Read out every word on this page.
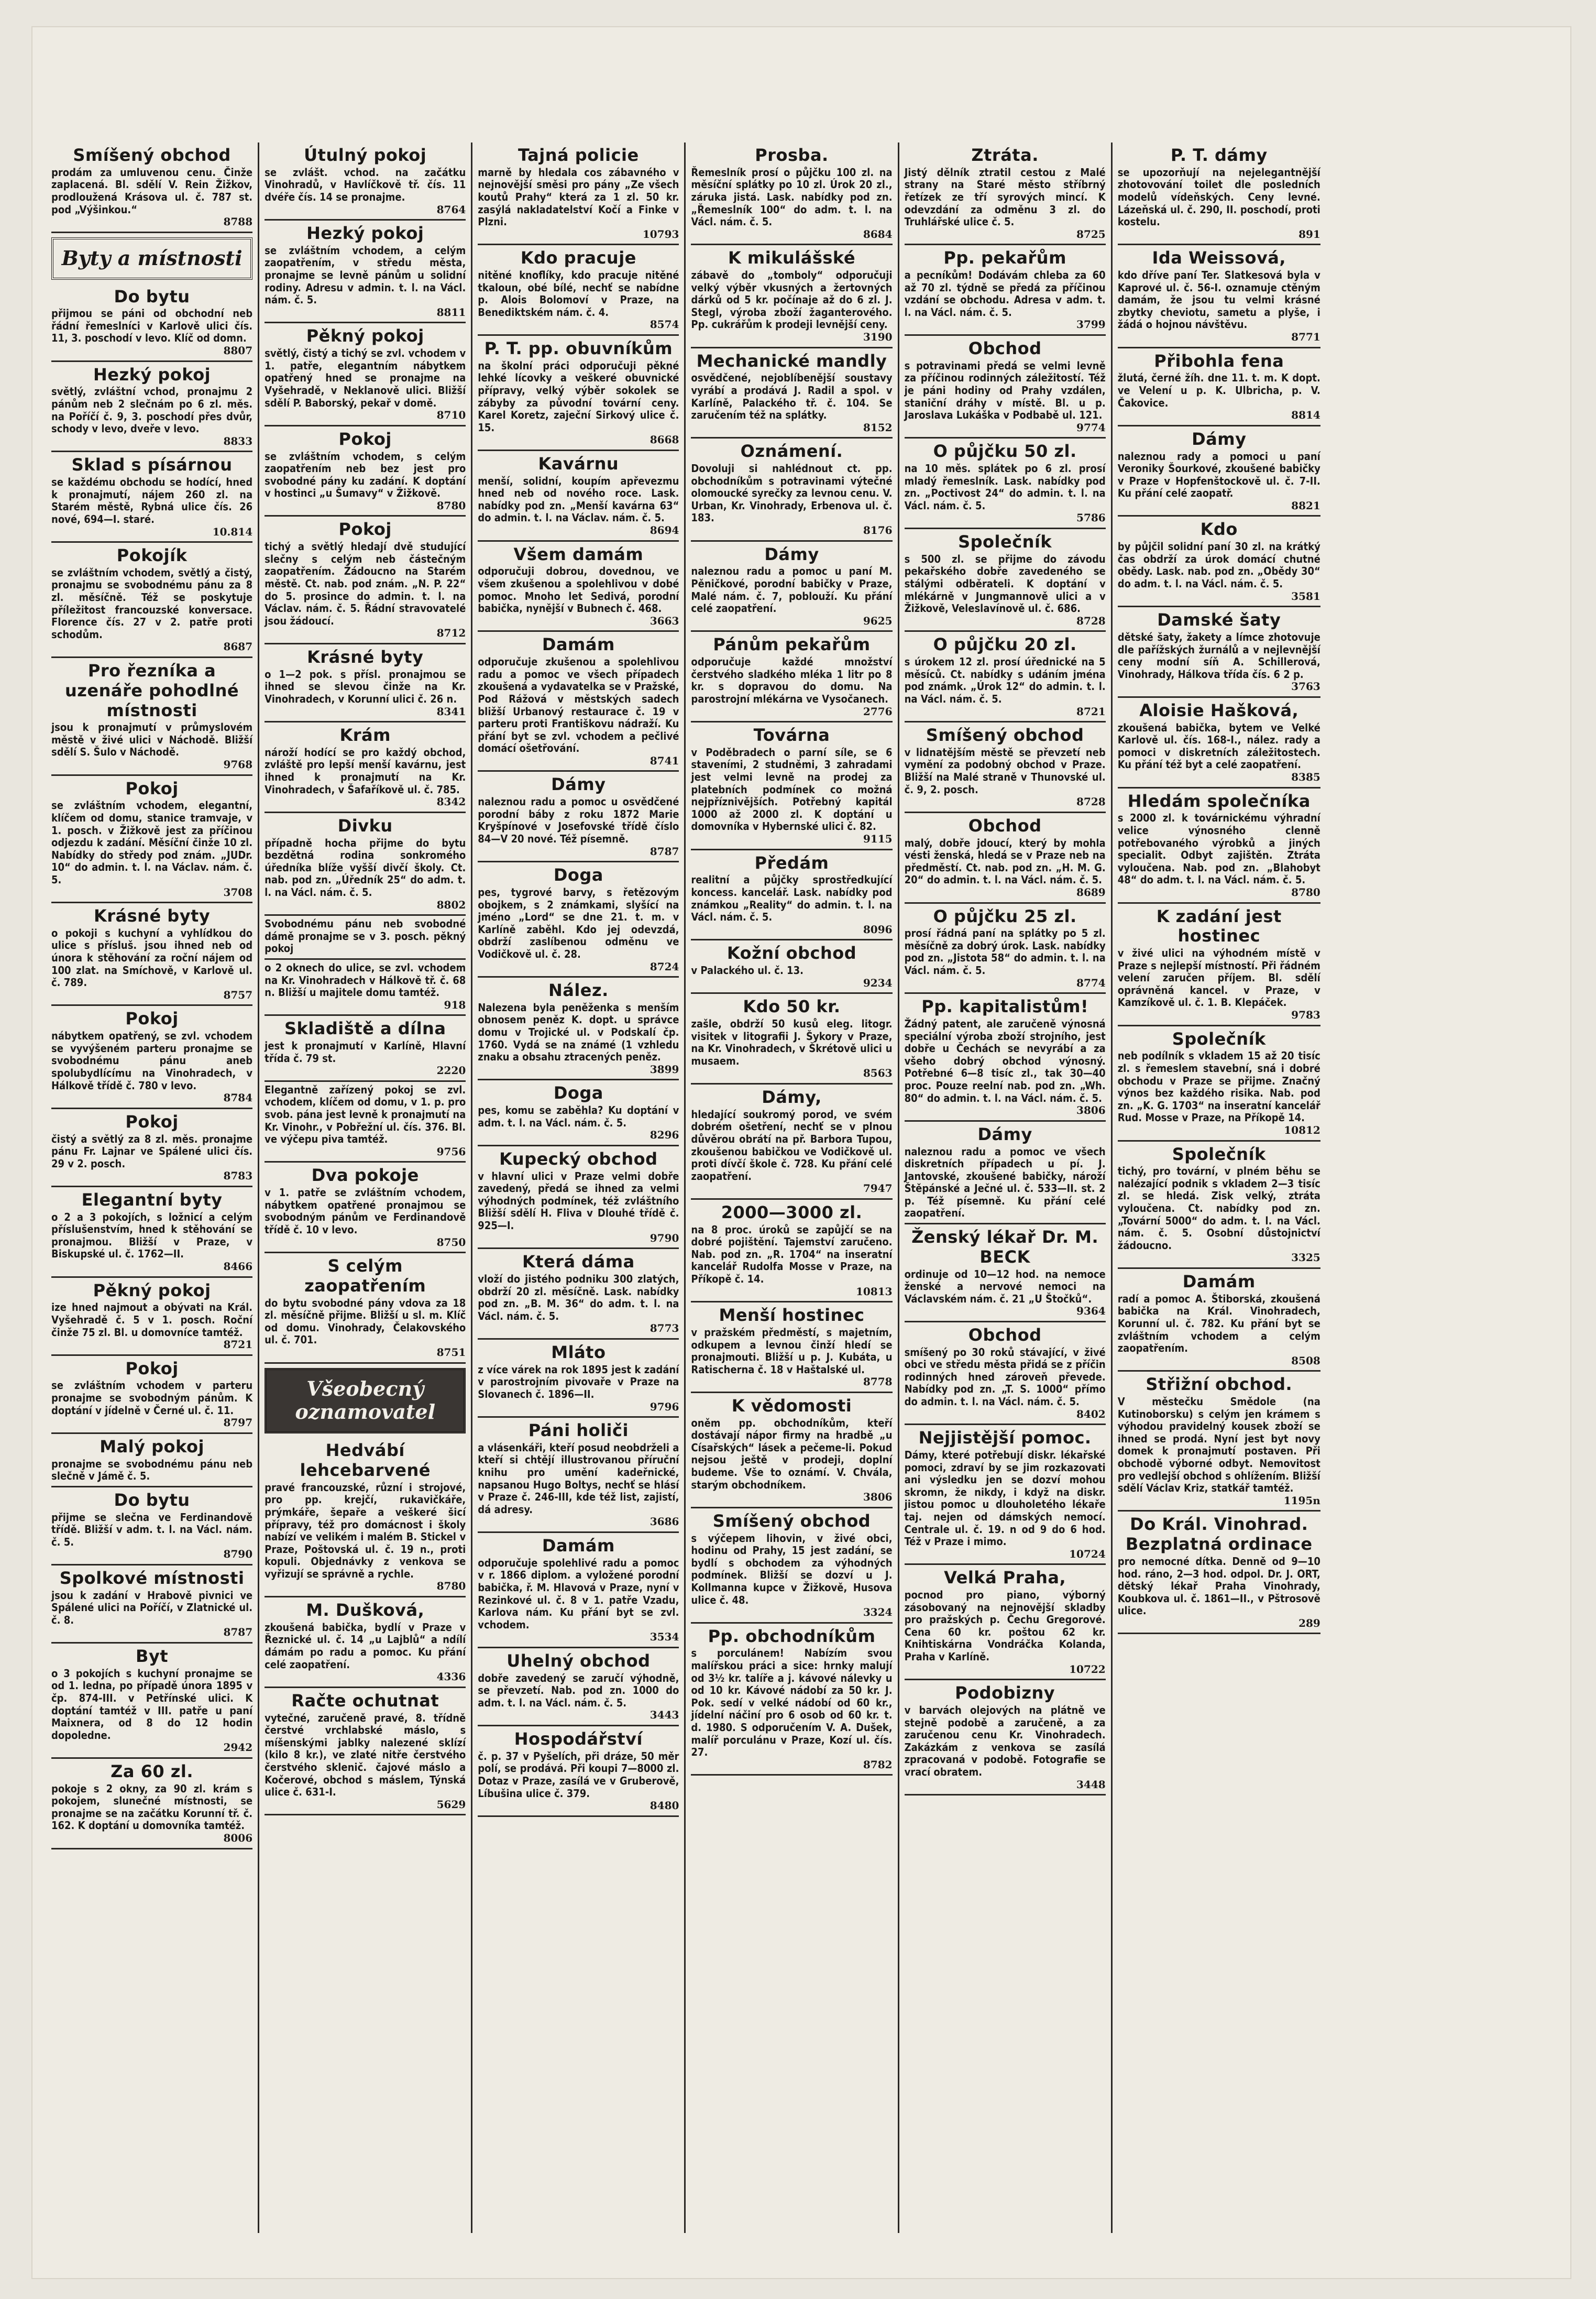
Smíšený obchod

prodám za umluvenou cenu. Činže zaplacená. Bl. sdělí V. Rein Žižkov, prodloužená Krásova ul. č. 787 st. pod „Výšinkou.“

8788
Byty a místnosti
Do bytu

přijmou se páni od obchodní neb řádní řemeslníci v Karlově ulici čís. 11, 3. poschodí v levo. Klíč od domn.

8807
Hezký pokoj

světlý, zvláštní vchod, pronajmu 2 pánům neb 2 slečnám po 6 zl. měs. na Poříčí č. 9, 3. poschodí přes dvůr, schody v levo, dveře v levo.

8833
Sklad s písárnou

se každému obchodu se hodící, hned k pronajmutí, nájem 260 zl. na Starém městě, Rybná ulice čís. 26 nové, 694—I. staré.

10.814
Pokojík

se zvláštním vchodem, světlý a čistý, pronajmu se svobodnému pánu za 8 zl. měsíčně. Též se poskytuje příležitost francouzské konversace. Florence čís. 27 v 2. patře proti schodům.

8687
Pro řezníka a uzenáře pohodlné místnosti

jsou k pronajmutí v průmyslovém městě v živé ulici v Náchodě. Bližší sdělí S. Šulo v Náchodě.

9768
Pokoj

se zvláštním vchodem, elegantní, klíčem od domu, stanice tramvaje, v 1. posch. v Žižkově jest za příčinou odjezdu k zadání. Měsíční činže 10 zl. Nabídky do středy pod znám. „JUDr. 10“ do admin. t. l. na Václav. nám. č. 5.

3708
Krásné byty

o pokoji s kuchyní a vyhlídkou do ulice s přísluš. jsou ihned neb od února k stěhování za roční nájem od 100 zlat. na Smíchově, v Karlově ul. č. 789.

8757
Pokoj

nábytkem opatřený, se zvl. vchodem se vyvýšeném parteru pronajme se svobodnému pánu aneb spolubydlícímu na Vinohradech, v Hálkově třídě č. 780 v levo.

8784
Pokoj

čistý a světlý za 8 zl. měs. pronajme pánu Fr. Lajnar ve Spálené ulici čís. 29 v 2. posch.

8783
Elegantní byty

o 2 a 3 pokojích, s ložnicí a celým příslušenstvím, hned k stěhování se pronajmou. Bližší v Praze, v Biskupské ul. č. 1762—II.

8466
Pěkný pokoj

ize hned najmout a obývati na Král. Vyšehradě č. 5 v 1. posch. Roční činže 75 zl. Bl. u domovníce tamtéž.

8721
Pokoj

se zvláštním vchodem v parteru pronajme se svobodným pánům. K doptání v jídelně v Černé ul. č. 11.

8797
Malý pokoj

pronajme se svobodnému pánu neb slečně v Jámě č. 5.

Do bytu

přijme se slečna ve Ferdinandově třídě. Bližší v adm. t. l. na Václ. nám. č. 5.

8790
Spolkové místnosti

jsou k zadání v Hrabově pivnici ve Spálené ulici na Poříčí, v Zlatnické ul. č. 8.

8787
Byt

o 3 pokojích s kuchyní pronajme se od 1. ledna, po případě února 1895 v čp. 874-III. v Petřínské ulici. K doptání tamtéž v III. patře u paní Maixnera, od 8 do 12 hodin dopoledne.

2942
Za 60 zl.

pokoje s 2 okny, za 90 zl. krám s pokojem, slunečné místnosti, se pronajme se na začátku Korunní tř. č. 162. K doptání u domovníka tamtéž.

8006
Útulný pokoj

se zvlášt. vchod. na začátku Vinohradů, v Havlíčkově tř. čís. 11 dvéře čís. 14 se pronajme.

8764
Hezký pokoj

se zvláštním vchodem, a celým zaopatřením, v středu města, pronajme se levně pánům u solidní rodiny. Adresu v admin. t. l. na Václ. nám. č. 5.

8811
Pěkný pokoj

světlý, čistý a tichý se zvl. vchodem v 1. patře, elegantním nábytkem opatřený hned se pronajme na Vyšehradě, v Neklanově ulici. Bližší sdělí P. Baborský, pekař v domě.

8710
Pokoj

se zvláštním vchodem, s celým zaopatřením neb bez jest pro svobodné pány ku zadání. K doptání v hostinci „u Šumavy“ v Žižkově.

8780
Pokoj

tichý a světlý hledají dvě studující slečny s celým neb částečným zaopatřením. Žádoucno na Starém městě. Ct. nab. pod znám. „N. P. 22“ do 5. prosince do admin. t. l. na Václav. nám. č. 5. Řádní stravovatelé jsou žádoucí.

8712
Krásné byty

o 1—2 pok. s přísl. pronajmou se ihned se slevou činže na Kr. Vinohradech, v Korunní ulici č. 26 n.

8341
Krám

nároží hodící se pro každý obchod, zvláště pro lepší menší kavárnu, jest ihned k pronajmutí na Kr. Vinohradech, v Šafaříkově ul. č. 785.

8342
Divku

případně hocha přijme do bytu bezdětná rodina sonkromého úředníka blíže vyšší divčí školy. Ct. nab. pod zn. „Úředník 25“ do adm. t. l. na Václ. nám. č. 5.

8802

Svobodnému pánu neb svobodné dámě pronajme se v 3. posch. pěkný pokoj

o 2 oknech do ulice, se zvl. vchodem na Kr. Vinohradech v Hálkově tř. č. 68 n. Bližší u majitele domu tamtéž.

918
Skladiště a dílna

jest k pronajmutí v Karlíně, Hlavní třída č. 79 st.

2220

Elegantně zařízený pokoj se zvl. vchodem, klíčem od domu, v 1. p. pro svob. pána jest levně k pronajmutí na Kr. Vinohr., v Pobřežní ul. čís. 376. Bl. ve výčepu piva tamtéž.

9756
Dva pokoje

v 1. patře se zvláštním vchodem, nábytkem opatřené pronajmou se svobodným pánům ve Ferdinandově třídě č. 10 v levo.

8750
S celým zaopatřením

do bytu svobodné pány vdova za 18 zl. měsíčně přijme. Bližší u sl. m. Klíč od domu. Vinohrady, Čelakovského ul. č. 701.

8751
Všeobecný oznamovatel
Hedvábí lehcebarvené

pravé francouzské, různí i strojové, pro pp. krejčí, rukavičkáře, prýmkáře, šepaře a veškeré šicí přípravy, též pro domácnost i školy nabízí ve velikém i malém B. Stickel v Praze, Poštovská ul. č. 19 n., proti kopuli. Objednávky z venkova se vyřizují se správně a rychle.

8780
M. Dušková,

zkoušená babička, bydlí v Praze v Řeznické ul. č. 14 „u Lajblů“ a ndílí dámám po radu a pomoc. Ku přání celé zaopatření.

4336
Račte ochutnat

vytečné, zaručeně pravé, 8. třídně čerstvé vrchlabské máslo, s míšenskými jablky nalezené sklízí (kilo 8 kr.), ve zlaté nitře čerstvého čerstvého sklenič. čajové máslo a Kočerové, obchod s máslem, Týnská ulice č. 631-I.

5629
Tajná policie

marně by hledala cos zábavného v nejnovější směsi pro pány „Ze všech koutů Prahy“ která za 1 zl. 50 kr. zasýlá nakladatelství Kočí a Finke v Plzni.

10793
Kdo pracuje

nitěné knoflíky, kdo pracuje nitěné tkaloun, obé bílé, nechť se nabídne p. Alois Bolomoví v Praze, na Benediktském nám. č. 4.

8574
P. T. pp. obuvníkům

na školní práci odporučuji pěkné lehké lícovky a veškeré obuvnické přípravy, velký výběr sokolek se zábyby za původní tovární ceny. Karel Koretz, zaječní Sirkový ulice č. 15.

8668
Kavárnu

menší, solidní, koupím apřevezmu hned neb od nového roce. Lask. nabídky pod zn. „Menší kavárna 63“ do admin. t. l. na Václav. nám. č. 5.

8694
Všem damám

odporučuji dobrou, dovednou, ve všem zkušenou a spolehlivou v dobé pomoc. Mnoho let Sedivá, porodní babička, nynější v Bubnech č. 468.

3663
Damám

odporučuje zkušenou a spolehlivou radu a pomoc ve všech případech zkoušená a vydavatelka se v Pražské, Pod Rážová v městských sadech bližší Urbanový restaurace č. 19 v parteru proti Františkovu nádraží. Ku přání byt se zvl. vchodem a pečlivé domácí ošetřování.

8741
Dámy

naleznou radu a pomoc u osvědčené porodní báby z roku 1872 Marie Kryšpínové v Josefovské třídě číslo 84—V 20 nové. Též písemně.

8787
Doga

pes, tygrové barvy, s řetězovým obojkem, s 2 známkami, slyšící na jméno „Lord“ se dne 21. t. m. v Karlíně zaběhl. Kdo jej odevzdá, obdrží zaslíbenou odměnu ve Vodičkově ul. č. 28.

8724
Nález.

Nalezena byla peněženka s menším obnosem peněz K. dopt. u správce domu v Trojické ul. v Podskalí čp. 1760. Vydá se na známé (1 vzhledu znaku a obsahu ztracených peněz.

3899
Doga

pes, komu se zaběhla? Ku doptání v adm. t. l. na Václ. nám. č. 5.

8296
Kupecký obchod

v hlavní ulici v Praze velmi dobře zavedený, předá se ihned za velmi výhodných podmínek, též zvláštního Bližší sdělí H. Fliva v Dlouhé třídě č. 925—I.

9790
Která dáma

vloží do jistého podniku 300 zlatých, obdrží 20 zl. měsíčně. Lask. nabídky pod zn. „B. M. 36“ do adm. t. l. na Václ. nám. č. 5.

8773
Mláto

z více várek na rok 1895 jest k zadání v parostrojním pivovaře v Praze na Slovanech č. 1896—II.

9796
Páni holiči

a vlásenkáři, kteří posud neobdrželi a kteří si chtějí illustrovanou příruční knihu pro umění kadeřnické, napsanou Hugo Boltys, nechť se hlásí v Praze č. 246-III, kde též list, zajistí, dá adresy.

3686
Damám

odporučuje spolehlivé radu a pomoc v r. 1866 diplom. a vyložené porodní babička, ř. M. Hlavová v Praze, nyní v Rezinkové ul. č. 8 v 1. patře Vzadu, Karlova nám. Ku přání byt se zvl. vchodem.

3534
Uhelný obchod

dobře zavedený se zaručí výhodně, se převzetí. Nab. pod zn. 1000 do adm. t. l. na Václ. nám. č. 5.

3443
Hospodářství

č. p. 37 v Pyšelích, při dráze, 50 měr polí, se prodává. Při koupi 7—8000 zl. Dotaz v Praze, zasílá ve v Gruberově, Líbušina ulice č. 379.

8480
Prosba.

Řemeslník prosí o půjčku 100 zl. na měsíční splátky po 10 zl. Úrok 20 zl., záruka jistá. Lask. nabídky pod zn. „Řemeslník 100“ do adm. t. l. na Václ. nám. č. 5.

8684
K mikulášské

zábavě do „tomboly“ odporučuji velký výběr vkusných a žertovných dárků od 5 kr. počínaje až do 6 zl. J. Stegl, výroba zboží žaganterového. Pp. cukrářům k prodeji levnější ceny.

3190
Mechanické mandly

osvědčené, nejoblíbenější soustavy vyrábí a prodává J. Radil a spol. v Karlíně, Palackého tř. č. 104. Se zaručením též na splátky.

8152
Oznámení.

Dovoluji si nahlédnout ct. pp. obchodníkům s potravinami výtečné olomoucké syrečky za levnou cenu. V. Urban, Kr. Vinohrady, Erbenova ul. č. 183.

8176
Dámy

naleznou radu a pomoc u paní M. Pěničkové, porodní babičky v Praze, Malé nám. č. 7, poblouží. Ku přání celé zaopatření.

9625
Pánům pekařům

odporučuje každé množství čerstvého sladkého mléka 1 litr po 8 kr. s dopravou do domu. Na parostrojní mlékárna ve Vysočanech.

2776
Továrna

v Poděbradech o parní síle, se 6 staveními, 2 studněmi, 3 zahradami jest velmi levně na prodej za platebních podmínek co možná nejpříznivějších. Potřebný kapitál 1000 až 2000 zl. K doptání u domovníka v Hybernské ulici č. 82.

9115
Předám

realitní a půjčky sprostředkující koncess. kancelář. Lask. nabídky pod známkou „Reality“ do admin. t. l. na Václ. nám. č. 5.

8096
Kožní obchod

v Palackého ul. č. 13.

9234
Kdo 50 kr.

zašle, obdrží 50 kusů eleg. litogr. visitek v litografii J. Šykory v Praze, na Kr. Vinohradech, v Škrétově ulici u musaem.

8563
Dámy,

hledající soukromý porod, ve svém dobrém ošetření, nechť se v plnou důvěrou obrátí na př. Barbora Tupou, zkoušenou babičkou ve Vodičkově ul. proti dívčí škole č. 728. Ku přání celé zaopatření.

7947
2000—3000 zl.

na 8 proc. úroků se zapůjčí se na dobré pojištění. Tajemství zaručeno. Nab. pod zn. „R. 1704“ na inseratní kancelář Rudolfa Mosse v Praze, na Příkopě č. 14.

10813
Menší hostinec

v pražském předměstí, s majetním, odkupem a levnou činží hledí se pronajmouti. Bližší u p. J. Kubáta, u Ratischerna č. 18 v Haštalské ul.

8778
K vědomosti

oněm pp. obchodníkům, kteří dostávají nápor firmy na hradbě „u Císařských“ lásek a pečeme-li. Pokud nejsou ještě v prodeji, doplní budeme. Vše to oznámí. V. Chvála, starým obchodníkem.

3806
Smíšený obchod

s výčepem lihovin, v živé obci, hodinu od Prahy, 15 jest zadání, se bydlí s obchodem za výhodných podmínek. Bližší se dozví u J. Kollmanna kupce v Žižkově, Husova ulice č. 48.

3324
Pp. obchodníkům

s porculánem! Nabízím svou malířskou práci a sice: hrnky malují od 3½ kr. talíře a j. kávové nálevky u od 10 kr. Kávové nádobí za 50 kr. J. Pok. sedí v velké nádobí od 60 kr., jídelní náčiní pro 6 osob od 60 kr. t. d. 1980. S odporučením V. A. Dušek, malíř porculánu v Praze, Kozí ul. čís. 27.

8782
Ztráta.

Jistý dělník ztratil cestou z Malé strany na Staré město stříbrný řetízek ze tří syrových mincí. K odevzdání za odměnu 3 zl. do Truhlářské ulice č. 5.

8725
Pp. pekařům

a pecníkům! Dodávám chleba za 60 až 70 zl. týdně se předá za příčinou vzdání se obchodu. Adresa v adm. t. l. na Václ. nám. č. 5.

3799
Obchod

s potravinami předá se velmi levně za příčinou rodinných záležitostí. Též je páni hodiny od Prahy vzdálen, staniční dráhy v místě. Bl. u p. Jaroslava Lukáška v Podbabě ul. 121.

9774
O půjčku 50 zl.

na 10 měs. splátek po 6 zl. prosí mladý řemeslník. Lask. nabídky pod zn. „Poctivost 24“ do admin. t. l. na Václ. nám. č. 5.

5786
Společník

s 500 zl. se přijme do závodu pekařského dobře zavedeného se stálými odběrateli. K doptání v mlékárně v Jungmannově ulici a v Žižkově, Veleslavínově ul. č. 686.

8728
O půjčku 20 zl.

s úrokem 12 zl. prosí úřednické na 5 měsíců. Ct. nabídky s udáním jména pod známk. „Úrok 12“ do admin. t. l. na Václ. nám. č. 5.

8721
Smíšený obchod

v lidnatějším městě se převzetí neb vymění za podobný obchod v Praze. Bližší na Malé straně v Thunovské ul. č. 9, 2. posch.

8728
Obchod

malý, dobře jdoucí, který by mohla vésti ženská, hledá se v Praze neb na předměstí. Ct. nab. pod zn. „H. M. G. 20“ do admin. t. l. na Václ. nám. č. 5.

8689
O půjčku 25 zl.

prosí řádná paní na splátky po 5 zl. měsíčně za dobrý úrok. Lask. nabídky pod zn. „Jistota 58“ do admin. t. l. na Václ. nám. č. 5.

8774
Pp. kapitalistům!

Žádný patent, ale zaručeně výnosná speciální výroba zboží strojního, jest dobře u Čechách se nevyrábí a za všeho dobrý obchod výnosný. Potřebné 6—8 tisíc zl., tak 30—40 proc. Pouze reelní nab. pod zn. „Wh. 80“ do admin. t. l. na Václ. nám. č. 5.

3806
Dámy

naleznou radu a pomoc ve všech diskretních případech u pí. J. Jantovské, zkoušené babičky, nároží Štěpánské a Ječné ul. č. 533—II. st. 2 p. Též písemně. Ku přání celé zaopatření.

Ženský lékař Dr. M. BECK

ordinuje od 10—12 hod. na nemoce ženské a nervové nemoci na Václavském nám. č. 21 „U Štočků“.

9364
Obchod

smíšený po 30 roků stávající, v živé obci ve středu města přidá se z příčin rodinných hned zároveň převede. Nabídky pod zn. „T. S. 1000“ přímo do admin. t. l. na Václ. nám. č. 5.

8402
Nejjistější pomoc.

Dámy, které potřebují diskr. lékařské pomoci, zdraví by se jim rozkazovati ani výsledku jen se dozví mohou skromn, že nikdy, i když na diskr. jistou pomoc u dlouholetého lékaře taj. nejen od dámských nemocí. Centrale ul. č. 19. n od 9 do 6 hod. Též v Praze i mimo.

10724
Velká Praha,

pocnod pro piano, výborný zásobovaný na nejnovější skladby pro pražských p. Čechu Gregorové. Cena 60 kr. poštou 62 kr. Knihtiskárna Vondráčka Kolanda, Praha v Karlíně.

10722
Podobizny

v barvách olejových na plátně ve stejně podobě a zaručeně, a za zaručenou cenu Kr. Vinohradech. Zakázkám z venkova se zasílá zpracovaná v podobě. Fotografie se vrací obratem.

3448
P. T. dámy

se upozorňují na nejelegantnější zhotovování toilet dle posledních modelů vídeňských. Ceny levné. Lázeňská ul. č. 290, II. poschodí, proti kostelu.

891
Ida Weissová,

kdo dříve paní Ter. Slatkesová byla v Kaprové ul. č. 56-I. oznamuje ctěným damám, že jsou tu velmi krásné zbytky cheviotu, sametu a plyše, i žádá o hojnou návštěvu.

8771
Přibohla fena

žlutá, černé žíh. dne 11. t. m. K dopt. ve Velení u p. K. Ulbricha, p. V. Čakovice.

8814
Dámy

naleznou rady a pomoci u paní Veroniky Šourkové, zkoušené babičky v Praze v Hopfenštockově ul. č. 7-II. Ku přání celé zaopatř.

8821
Kdo

by půjčil solidní paní 30 zl. na krátký čas obdrží za úrok domácí chutné obědy. Lask. nab. pod zn. „Obědy 30“ do adm. t. l. na Václ. nám. č. 5.

3581
Damské šaty

dětské šaty, žakety a límce zhotovuje dle pařížských žurnálů a v nejlevnější ceny modní síň A. Schillerová, Vinohrady, Hálkova třída čís. 6 2 p.

3763
Aloisie Hašková,

zkoušená babička, bytem ve Velké Karlově ul. čís. 168-I., nález. rady a pomoci v diskretních záležitostech. Ku přání též byt a celé zaopatření.

8385
Hledám společníka

s 2000 zl. k továrnickému výhradní velice výnosného clenně potřebovaného výrobků a jiných specialit. Odbyt zajištěn. Ztráta vyloučena. Nab. pod zn. „Blahobyt 48“ do adm. t. l. na Václ. nám. č. 5.

8780
K zadání jest hostinec

v živé ulici na výhodném místě v Praze s nejlepší místností. Při řádném velení zaručen příjem. Bl. sdělí oprávněná kancel. v Praze, v Kamzíkově ul. č. 1. B. Klepáček.

9783
Společník

neb podílník s vkladem 15 až 20 tisíc zl. s řemeslem stavební, sná i dobré obchodu v Praze se přijme. Značný výnos bez každého risika. Nab. pod zn. „K. G. 1703“ na inseratní kancelář Rud. Mosse v Praze, na Příkopě 14.

10812
Společník

tichý, pro tovární, v plném běhu se nalézající podnik s vkladem 2—3 tisíc zl. se hledá. Zisk velký, ztráta vyloučena. Ct. nabídky pod zn. „Tovární 5000“ do adm. t. l. na Václ. nám. č. 5. Osobní důstojnictví žádoucno.

3325
Damám

radí a pomoc A. Štiborská, zkoušená babička na Král. Vinohradech, Korunní ul. č. 782. Ku přání byt se zvláštním vchodem a celým zaopatřením.

8508
Střižní obchod.

V městečku Smědole (na Kutinoborsku) s celým jen krámem s výhodou pravidelný kousek zboží se ihned se prodá. Nyní jest byt novy domek k pronajmutí postaven. Při obchodě výborné odbyt. Nemovitost pro vedlejší obchod s ohlížením. Bližší sdělí Václav Kriz, statkář tamtéž.

1195n
Do Král. Vinohrad. Bezplatná ordinace

pro nemocné dítka. Denně od 9—10 hod. ráno, 2—3 hod. odpol. Dr. J. ORT, dětský lékař Praha Vinohrady, Koubkova ul. č. 1861—II., v Pštrosově ulice.

289
